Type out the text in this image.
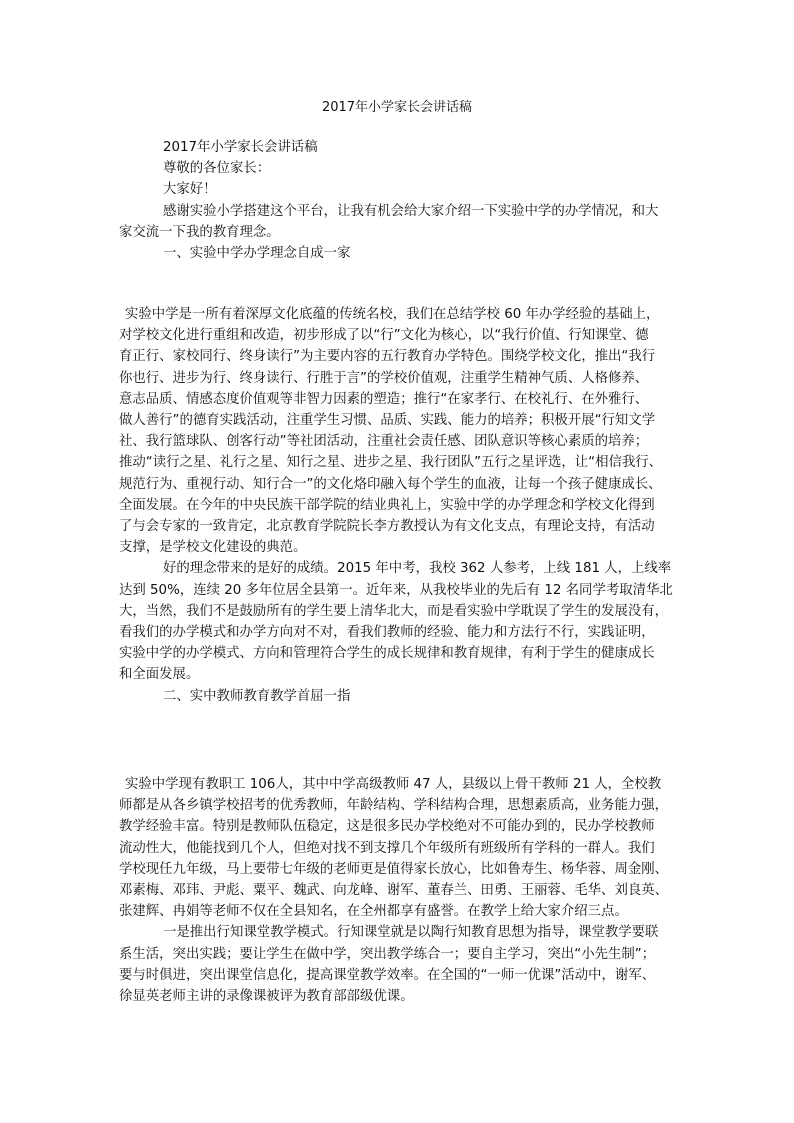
2017年小学家长会讲话稿
2017年小学家长会讲话稿
尊敬的各位家长：
大家好！
感谢实验小学搭建这个平台，让我有机会给大家介绍一下实验中学的办学情况，和大
家交流一下我的教育理念。
一、实验中学办学理念自成一家
实验中学是一所有着深厚文化底蕴的传统名校，我们在总结学校 60 年办学经验的基础上，
对学校文化进行重组和改造，初步形成了以“行”文化为核心，以“我行价值、行知课堂、德
育正行、家校同行、终身读行”为主要内容的五行教育办学特色。围绕学校文化，推出“我行
你也行、进步为行、终身读行、行胜于言”的学校价值观，注重学生精神气质、人格修养、
意志品质、情感态度价值观等非智力因素的塑造；推行“在家孝行、在校礼行、在外雅行、
做人善行”的德育实践活动，注重学生习惯、品质、实践、能力的培养；积极开展“行知文学
社、我行篮球队、创客行动”等社团活动，注重社会责任感、团队意识等核心素质的培养；
推动“读行之星、礼行之星、知行之星、进步之星、我行团队”五行之星评选，让“相信我行、
规范行为、重视行动、知行合一”的文化烙印融入每个学生的血液，让每一个孩子健康成长、
全面发展。在今年的中央民族干部学院的结业典礼上，实验中学的办学理念和学校文化得到
了与会专家的一致肯定，北京教育学院院长李方教授认为有文化支点，有理论支持，有活动
支撑，是学校文化建设的典范。
好的理念带来的是好的成绩。2015 年中考，我校 362 人参考，上线 181 人，上线率
达到 50%，连续 20 多年位居全县第一。近年来，从我校毕业的先后有 12 名同学考取清华北
大，当然，我们不是鼓励所有的学生要上清华北大，而是看实验中学耽误了学生的发展没有，
看我们的办学模式和办学方向对不对，看我们教师的经验、能力和方法行不行，实践证明，
实验中学的办学模式、方向和管理符合学生的成长规律和教育规律，有利于学生的健康成长
和全面发展。
二、实中教师教育教学首屈一指
实验中学现有教职工 106人，其中中学高级教师 47 人，县级以上骨干教师 21 人，全校教
师都是从各乡镇学校招考的优秀教师，年龄结构、学科结构合理，思想素质高，业务能力强，
教学经验丰富。特别是教师队伍稳定，这是很多民办学校绝对不可能办到的，民办学校教师
流动性大，他能找到几个人，但绝对找不到支撑几个年级所有班级所有学科的一群人。我们
学校现任九年级，马上要带七年级的老师更是值得家长放心，比如鲁寿生、杨华蓉、周金刚、
邓素梅、邓玮、尹彪、粟平、魏武、向龙峰、谢军、董春兰、田勇、王丽蓉、毛华、刘良英、
张建辉、冉娟等老师不仅在全县知名，在全州都享有盛誉。在教学上给大家介绍三点。
一是推出行知课堂教学模式。行知课堂就是以陶行知教育思想为指导，课堂教学要联
系生活，突出实践；要让学生在做中学，突出教学练合一；要自主学习，突出“小先生制”；
要与时俱进，突出课堂信息化，提高课堂教学效率。在全国的“一师一优课”活动中，谢军、
徐显英老师主讲的录像课被评为教育部部级优课。
